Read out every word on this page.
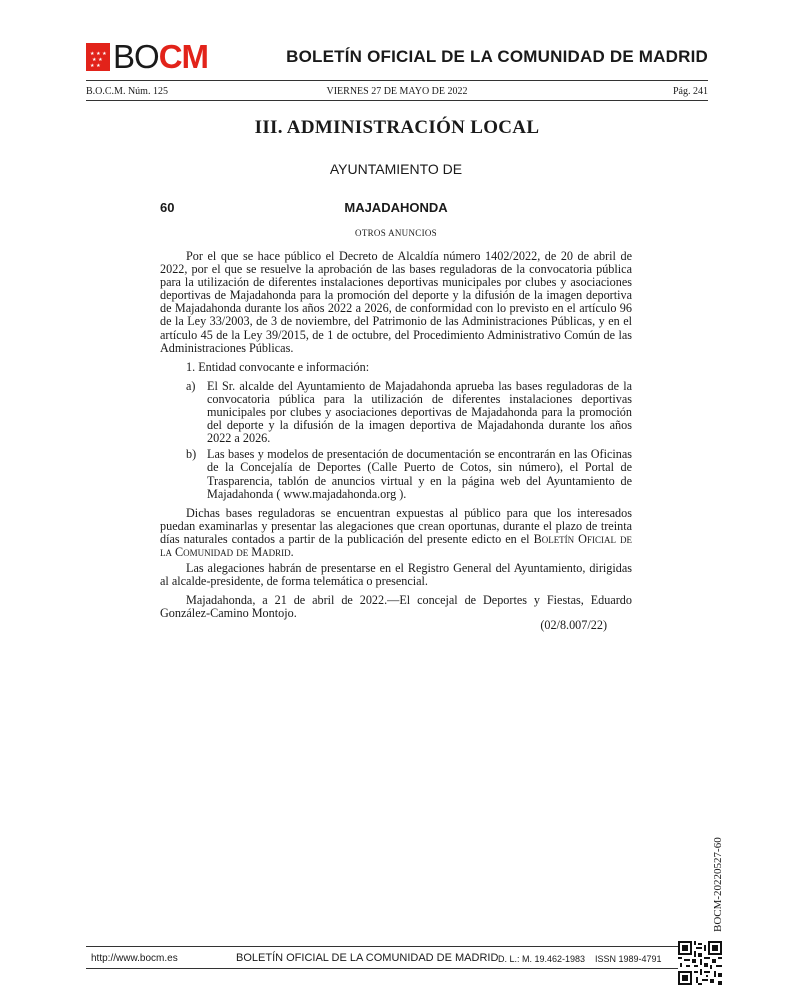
★ ★ ★
★ ★
★ ★ BO CM	BOLETÍN OFICIAL DE LA COMUNIDAD DE MADRID
B.O.C.M. Núm. 125	VIERNES 27 DE MAYO DE 2022	Pág. 241
III. ADMINISTRACIÓN LOCAL
AYUNTAMIENTO DE
60	MAJADAHONDA
OTROS ANUNCIOS

Por el que se hace público el Decreto de Alcaldía número 1402/2022, de 20 de abril de 2022, por el que se resuelve la aprobación de las bases reguladoras de la convocatoria pública para la utilización de diferentes instalaciones deportivas municipales por clubes y asociaciones deportivas de Majadahonda para la promoción del deporte y la difusión de la imagen deportiva de Majadahonda durante los años 2022 a 2026, de conformidad con lo previsto en el artículo 96 de la Ley 33/2003, de 3 de noviembre, del Patrimonio de las Administraciones Públicas, y en el artículo 45 de la Ley 39/2015, de 1 de octubre, del Procedimiento Administrativo Común de las Administraciones Públicas.

1. Entidad convocante e información:

a) El Sr. alcalde del Ayuntamiento de Majadahonda aprueba las bases reguladoras de la convocatoria pública para la utilización de diferentes instalaciones deportivas municipales por clubes y asociaciones deportivas de Majadahonda para la promoción del deporte y la difusión de la imagen deportiva de Majadahonda durante los años 2022 a 2026.
b) Las bases y modelos de presentación de documentación se encontrarán en las Oficinas de la Concejalía de Deportes (Calle Puerto de Cotos, sin número), el Portal de Trasparencia, tablón de anuncios virtual y en la página web del Ayuntamiento de Majadahonda ( www.majadahonda.org ).

Dichas bases reguladoras se encuentran expuestas al público para que los interesados puedan examinarlas y presentar las alegaciones que crean oportunas, durante el plazo de treinta días naturales contados a partir de la publicación del presente edicto en el Boletín Oficial de la Comunidad de Madrid.

Las alegaciones habrán de presentarse en el Registro General del Ayuntamiento, dirigidas al alcalde-presidente, de forma telemática o presencial.

Majadahonda, a 21 de abril de 2022.—El concejal de Deportes y Fiestas, Eduardo González-Camino Montojo.

(02/8.007/22)
BOCM-20220527-60
http://www.bocm.es	BOLETÍN OFICIAL DE LA COMUNIDAD DE MADRID D. L.: M. 19.462-1983 ISSN 1989-4791
